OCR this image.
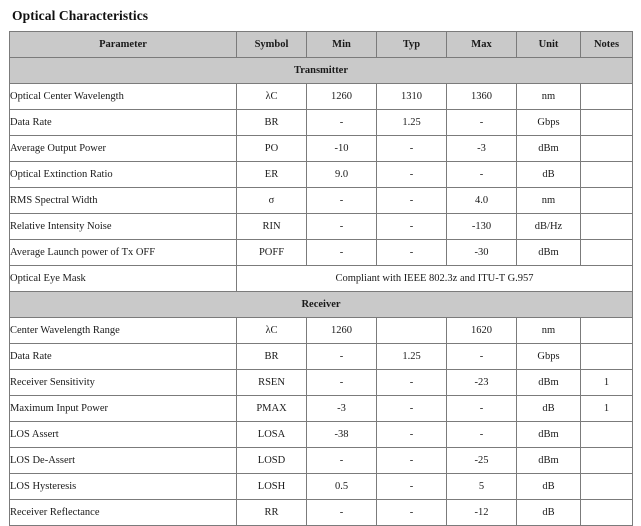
Optical Characteristics
Parameter	Symbol	Min	Typ	Max	Unit	Notes
Transmitter						
Optical Center Wavelength	λC	1260	1310	1360	nm	
Data Rate	BR	-	1.25	-	Gbps	
Average Output Power	PO	-10	-	-3	dBm	
Optical Extinction Ratio	ER	9.0	-	-	dB	
RMS Spectral Width	σ	-	-	4.0	nm	
Relative Intensity Noise	RIN	-	-	-130	dB/Hz	
Average Launch power of Tx OFF	POFF	-	-	-30	dBm	
Optical Eye Mask	Compliant with IEEE 802.3z and ITU-T G.957					
Receiver						
Center Wavelength Range	λC	1260		1620	nm	
Data Rate	BR	-	1.25	-	Gbps	
Receiver Sensitivity	RSEN	-	-	-23	dBm	1
Maximum Input Power	PMAX	-3	-	-	dB	1
LOS Assert	LOSA	-38	-	-	dBm	
LOS De-Assert	LOSD	-	-	-25	dBm	
LOS Hysteresis	LOSH	0.5	-	5	dB	
Receiver Reflectance	RR	-	-	-12	dB	
